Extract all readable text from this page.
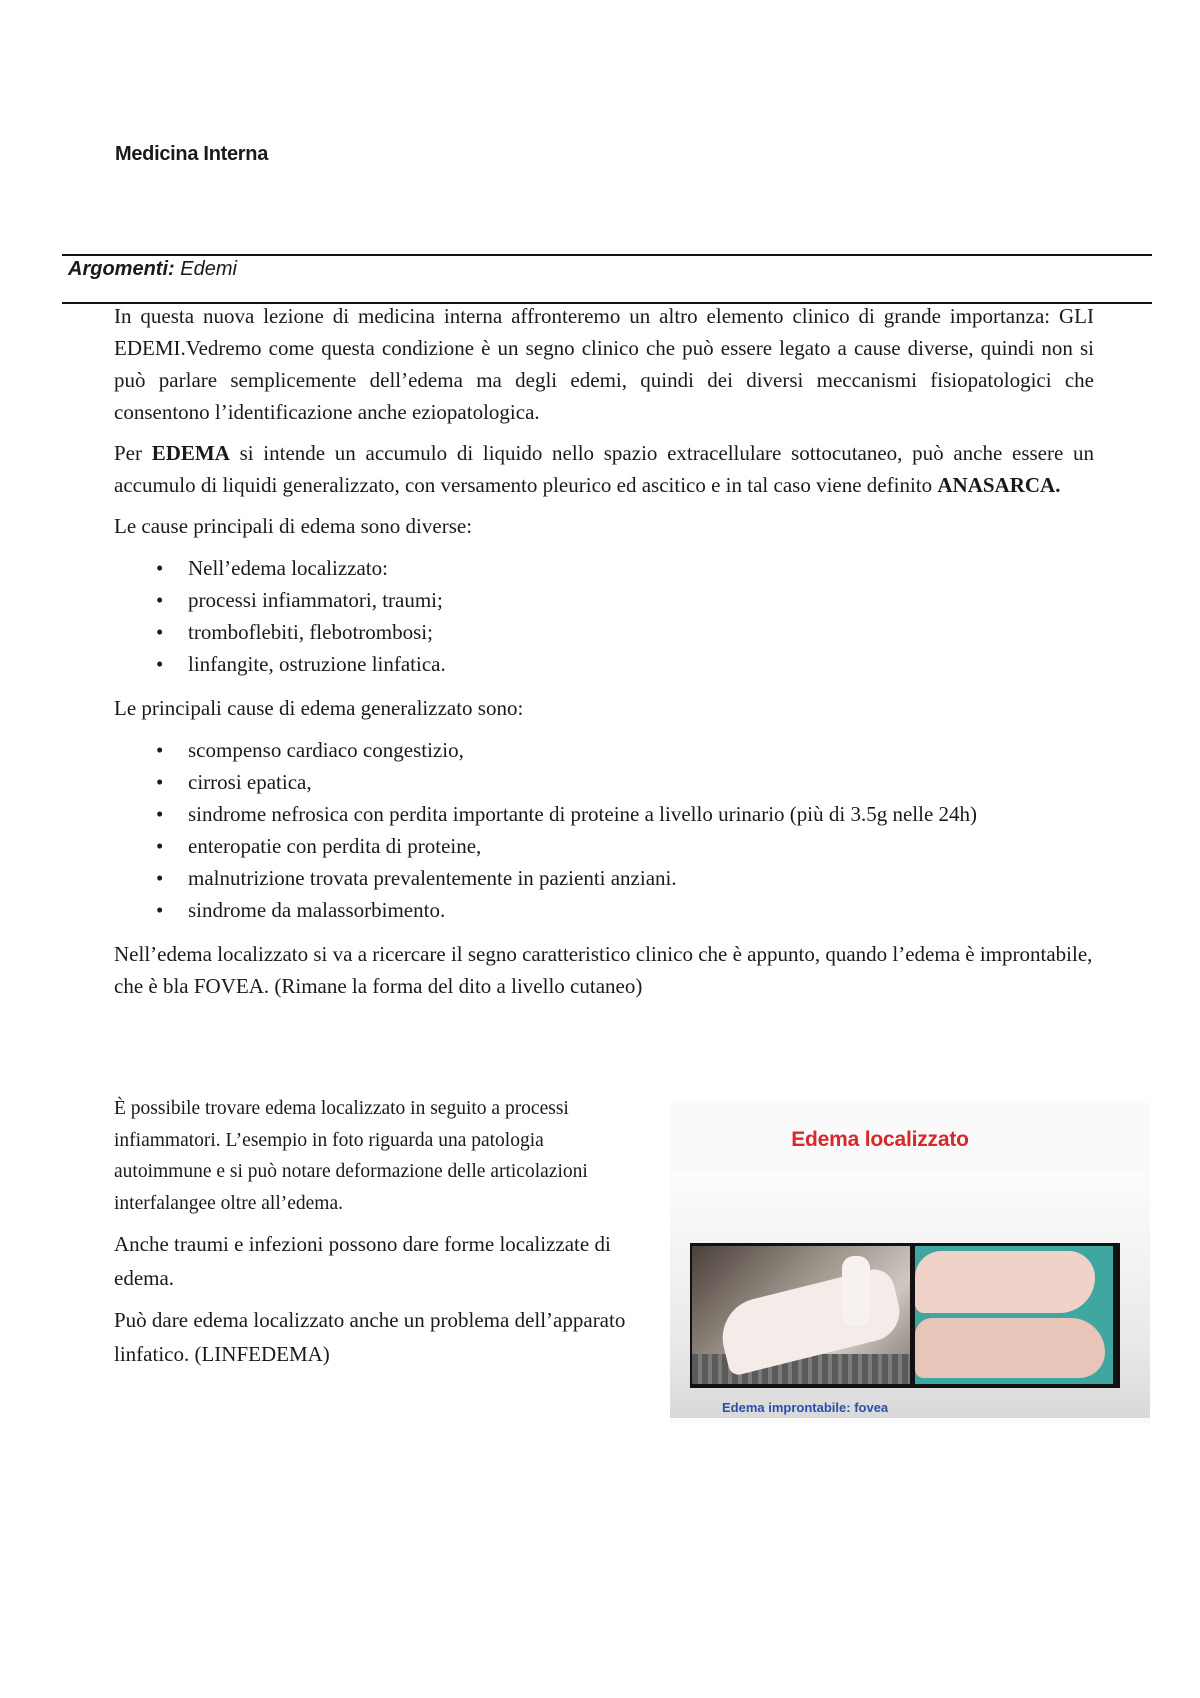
Medicina Interna
Argomenti: Edemi

In questa nuova lezione di medicina interna affronteremo un altro elemento clinico di grande importanza: GLI EDEMI.Vedremo come questa condizione è un segno clinico che può essere legato a cause diverse, quindi non si può parlare semplicemente dell’edema ma degli edemi, quindi dei diversi meccanismi fisiopatologici che consentono l’identificazione anche eziopatologica.

Per EDEMA si intende un accumulo di liquido nello spazio extracellulare sottocutaneo, può anche essere un accumulo di liquidi generalizzato, con versamento pleurico ed ascitico e in tal caso viene definito ANASARCA.

Le cause principali di edema sono diverse:

• Nell’edema localizzato:
• processi infiammatori, traumi;
• tromboflebiti, flebotrombosi;
• linfangite, ostruzione linfatica.

Le principali cause di edema generalizzato sono:

• scompenso cardiaco congestizio,
• cirrosi epatica,
• sindrome nefrosica con perdita importante di proteine a livello urinario (più di 3.5g nelle 24h)
• enteropatie con perdita di proteine,
• malnutrizione trovata prevalentemente in pazienti anziani.
• sindrome da malassorbimento.

Nell’edema localizzato si va a ricercare il segno caratteristico clinico che è appunto, quando l’edema è improntabile, che è bla FOVEA. (Rimane la forma del dito a livello cutaneo)

È possibile trovare edema localizzato in seguito a processi infiammatori. L’esempio in foto riguarda una patologia autoimmune e si può notare deformazione delle articolazioni interfalangee oltre all’edema.

Anche traumi e infezioni possono dare forme localizzate di edema.

Può dare edema localizzato anche un problema dell’apparato linfatico. (LINFEDEMA)

Edema localizzato
Edema improntabile: fovea
